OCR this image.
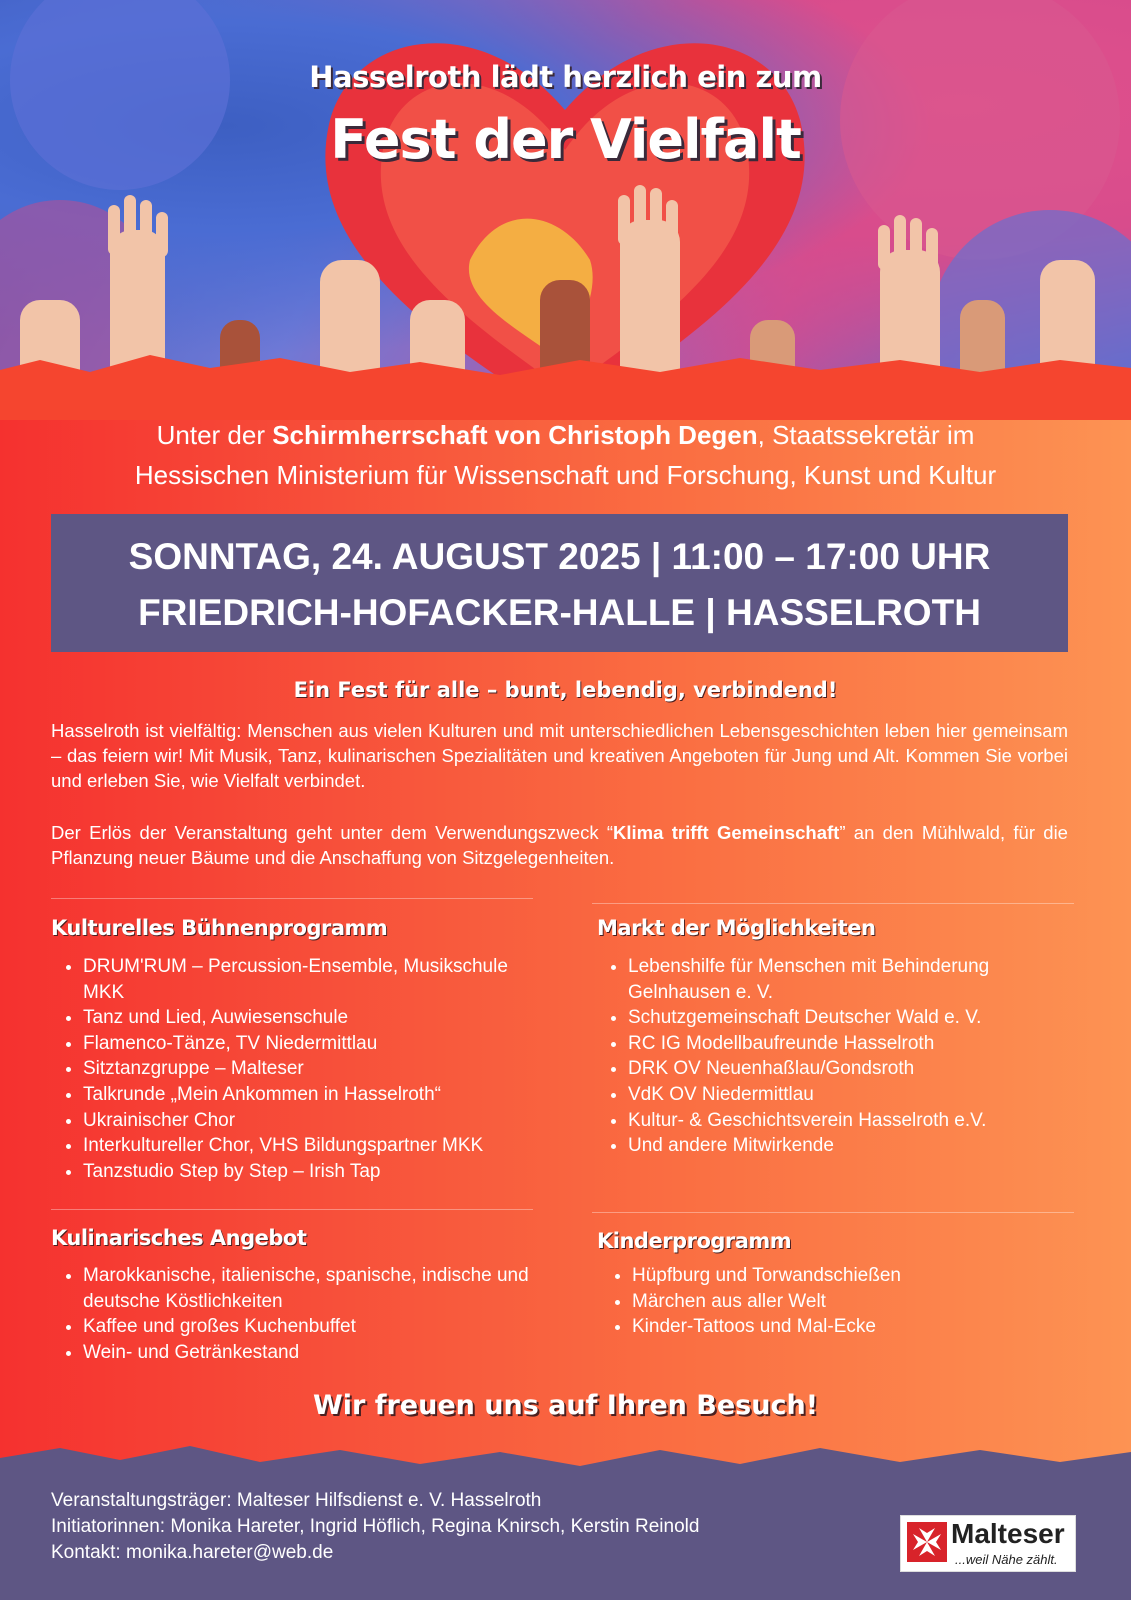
Hasselroth lädt herzlich ein zum
Fest der Vielfalt
Unter der Schirmherrschaft von Christoph Degen, Staatssekretär im
Hessischen Ministerium für Wissenschaft und Forschung, Kunst und Kultur
SONNTAG, 24. AUGUST 2025 | 11:00 – 17:00 UHR
FRIEDRICH-HOFACKER-HALLE | HASSELROTH
Ein Fest für alle – bunt, lebendig, verbindend!
Hasselroth ist vielfältig: Menschen aus vielen Kulturen und mit unterschiedlichen Lebensgeschichten leben hier gemeinsam – das feiern wir! Mit Musik, Tanz, kulinarischen Spezialitäten und kreativen Angeboten für Jung und Alt. Kommen Sie vorbei und erleben Sie, wie Vielfalt verbindet.
Der Erlös der Veranstaltung geht unter dem Verwendungszweck “Klima trifft Gemeinschaft” an den Mühlwald, für die Pflanzung neuer Bäume und die Anschaffung von Sitzgelegenheiten.
Kulturelles Bühnenprogramm
• DRUM'RUM – Percussion-Ensemble, Musikschule MKK
• Tanz und Lied, Auwiesenschule
• Flamenco-Tänze, TV Niedermittlau
• Sitztanzgruppe – Malteser
• Talkrunde „Mein Ankommen in Hasselroth“
• Ukrainischer Chor
• Interkultureller Chor, VHS Bildungspartner MKK
• Tanzstudio Step by Step – Irish Tap
Markt der Möglichkeiten
• Lebenshilfe für Menschen mit Behinderung Gelnhausen e. V.
• Schutzgemeinschaft Deutscher Wald e. V.
• RC IG Modellbaufreunde Hasselroth
• DRK OV Neuenhaßlau/Gondsroth
• VdK OV Niedermittlau
• Kultur- & Geschichtsverein Hasselroth e.V.
• Und andere Mitwirkende
Kulinarisches Angebot
• Marokkanische, italienische, spanische, indische und deutsche Köstlichkeiten
• Kaffee und großes Kuchenbuffet
• Wein- und Getränkestand
Kinderprogramm
• Hüpfburg und Torwandschießen
• Märchen aus aller Welt
• Kinder-Tattoos und Mal-Ecke
Wir freuen uns auf Ihren Besuch!
Veranstaltungsträger: Malteser Hilfsdienst e. V. Hasselroth
Initiatorinnen: Monika Hareter, Ingrid Höflich, Regina Knirsch, Kerstin Reinold
Kontakt: monika.hareter@web.de
Malteser
...weil Nähe zählt.
